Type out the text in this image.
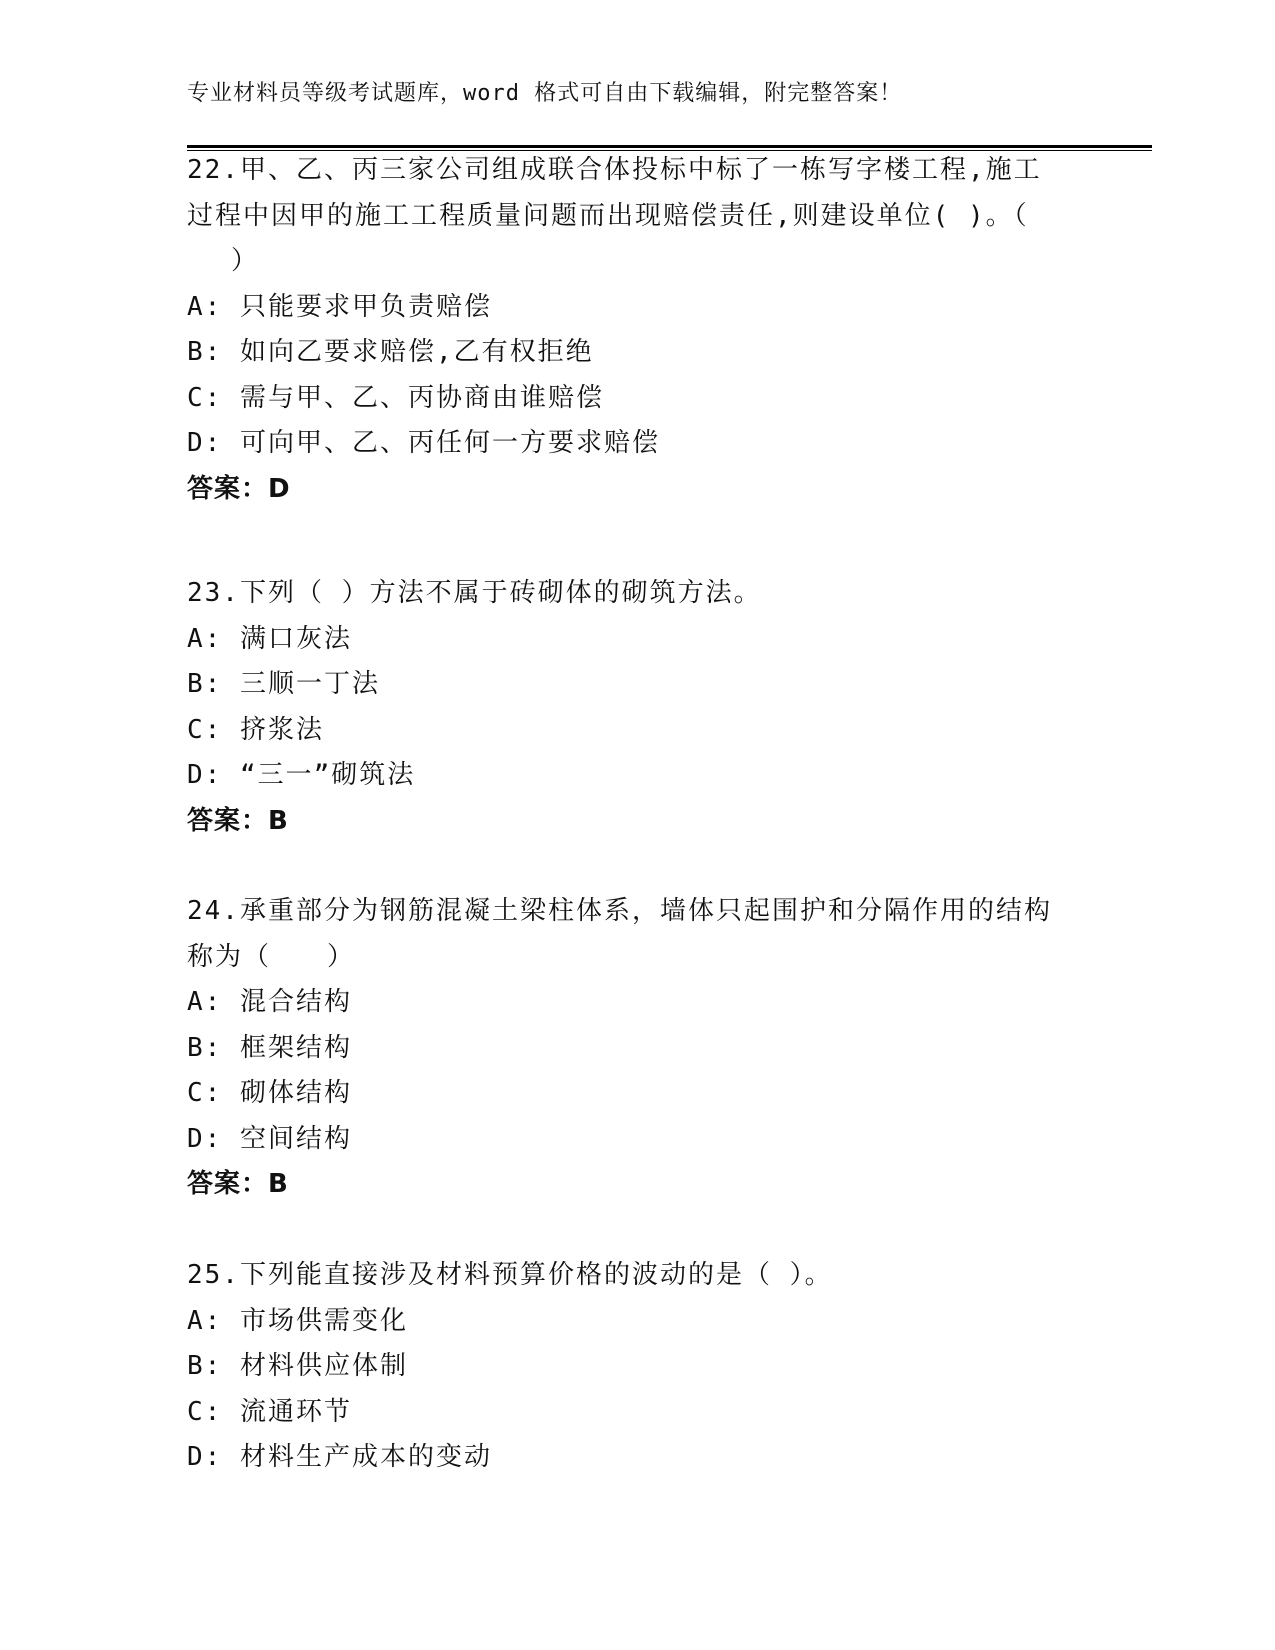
专业材料员等级考试题库，word 格式可自由下载编辑，附完整答案！
22.甲、乙、丙三家公司组成联合体投标中标了一栋写字楼工程,施工
过程中因甲的施工工程质量问题而出现赔偿责任,则建设单位( )。（
）
A: 只能要求甲负责赔偿
B: 如向乙要求赔偿,乙有权拒绝
C: 需与甲、乙、丙协商由谁赔偿
D: 可向甲、乙、丙任何一方要求赔偿
答案：D
23.下列（ ）方法不属于砖砌体的砌筑方法。
A: 满口灰法
B: 三顺一丁法
C: 挤浆法
D: “三一”砌筑法
答案：B
24.承重部分为钢筋混凝土梁柱体系，墙体只起围护和分隔作用的结构
称为（　　）
A: 混合结构
B: 框架结构
C: 砌体结构
D: 空间结构
答案：B
25.下列能直接涉及材料预算价格的波动的是（ ）。
A: 市场供需变化
B: 材料供应体制
C: 流通环节
D: 材料生产成本的变动
